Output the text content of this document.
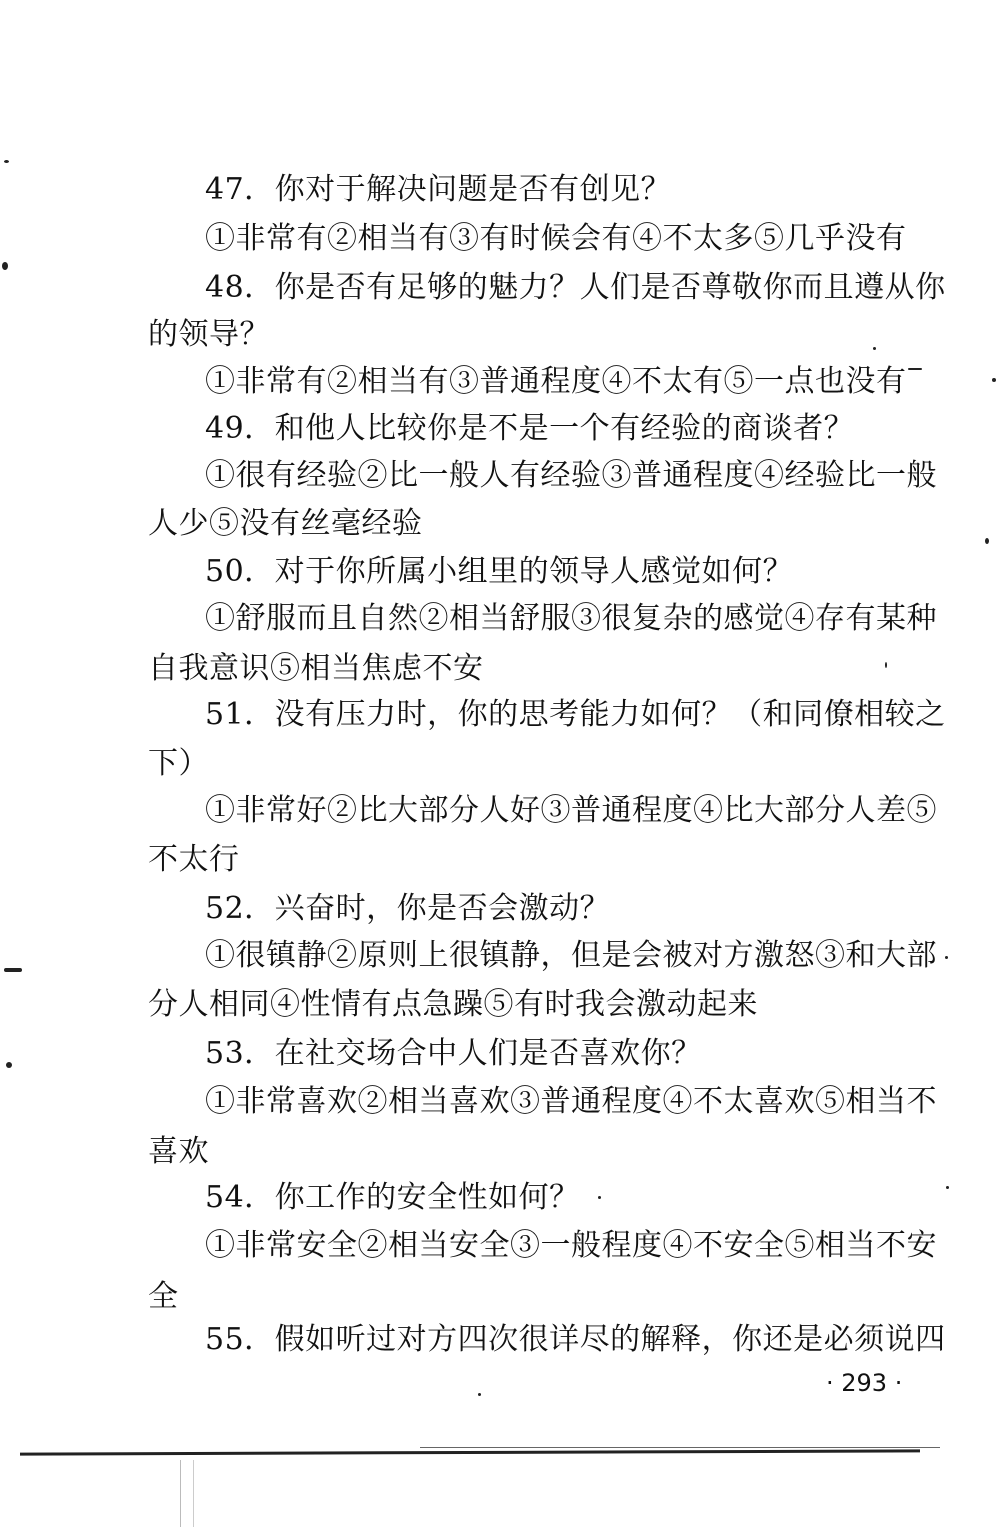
47．你对于解决问题是否有创见？
①非常有②相当有③有时候会有④不太多⑤几乎没有
48．你是否有足够的魅力？人们是否尊敬你而且遵从你
的领导？
①非常有②相当有③普通程度④不太有⑤一点也没有
49．和他人比较你是不是一个有经验的商谈者？
①很有经验②比一般人有经验③普通程度④经验比一般
人少⑤没有丝毫经验
50．对于你所属小组里的领导人感觉如何？
①舒服而且自然②相当舒服③很复杂的感觉④存有某种
自我意识⑤相当焦虑不安
51．没有压力时，你的思考能力如何？（和同僚相较之
下）
①非常好②比大部分人好③普通程度④比大部分人差⑤
不太行
52．兴奋时，你是否会激动？
①很镇静②原则上很镇静，但是会被对方激怒③和大部
分人相同④性情有点急躁⑤有时我会激动起来
53．在社交场合中人们是否喜欢你？
①非常喜欢②相当喜欢③普通程度④不太喜欢⑤相当不
喜欢
54．你工作的安全性如何？
①非常安全②相当安全③一般程度④不安全⑤相当不安
全
55．假如听过对方四次很详尽的解释，你还是必须说四
· 293 ·
